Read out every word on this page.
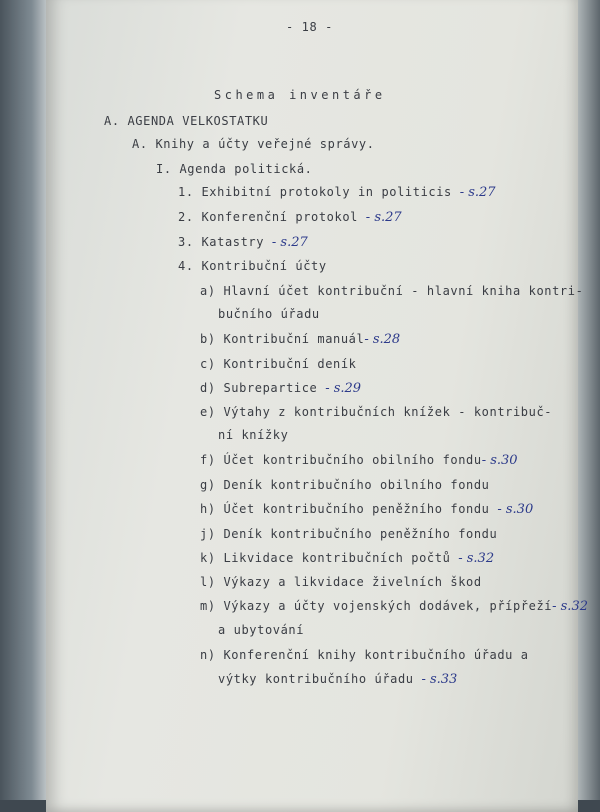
- 18 -
Schema inventáře
A. AGENDA VELKOSTATKU
A. Knihy a účty veřejné správy.
I. Agenda politická.
1. Exhibitní protokoly in politicis - s.27
2. Konferenční protokol - s.27
3. Katastry - s.27
4. Kontribuční účty
a) Hlavní účet kontribuční - hlavní kniha kontri-
bučního úřadu
b) Kontribuční manuál- s.28
c) Kontribuční deník
d) Subrepartice - s.29
e) Výtahy z kontribučních knížek - kontribuč-
ní knížky
f) Účet kontribučního obilního fondu- s.30
g) Deník kontribučního obilního fondu
h) Účet kontribučního peněžního fondu - s.30
j) Deník kontribučního peněžního fondu
k) Likvidace kontribučních počtů - s.32
l) Výkazy a likvidace živelních škod
m) Výkazy a účty vojenských dodávek, přípřeží- s.32
a ubytování
n) Konferenční knihy kontribučního úřadu a
výtky kontribučního úřadu - s.33
